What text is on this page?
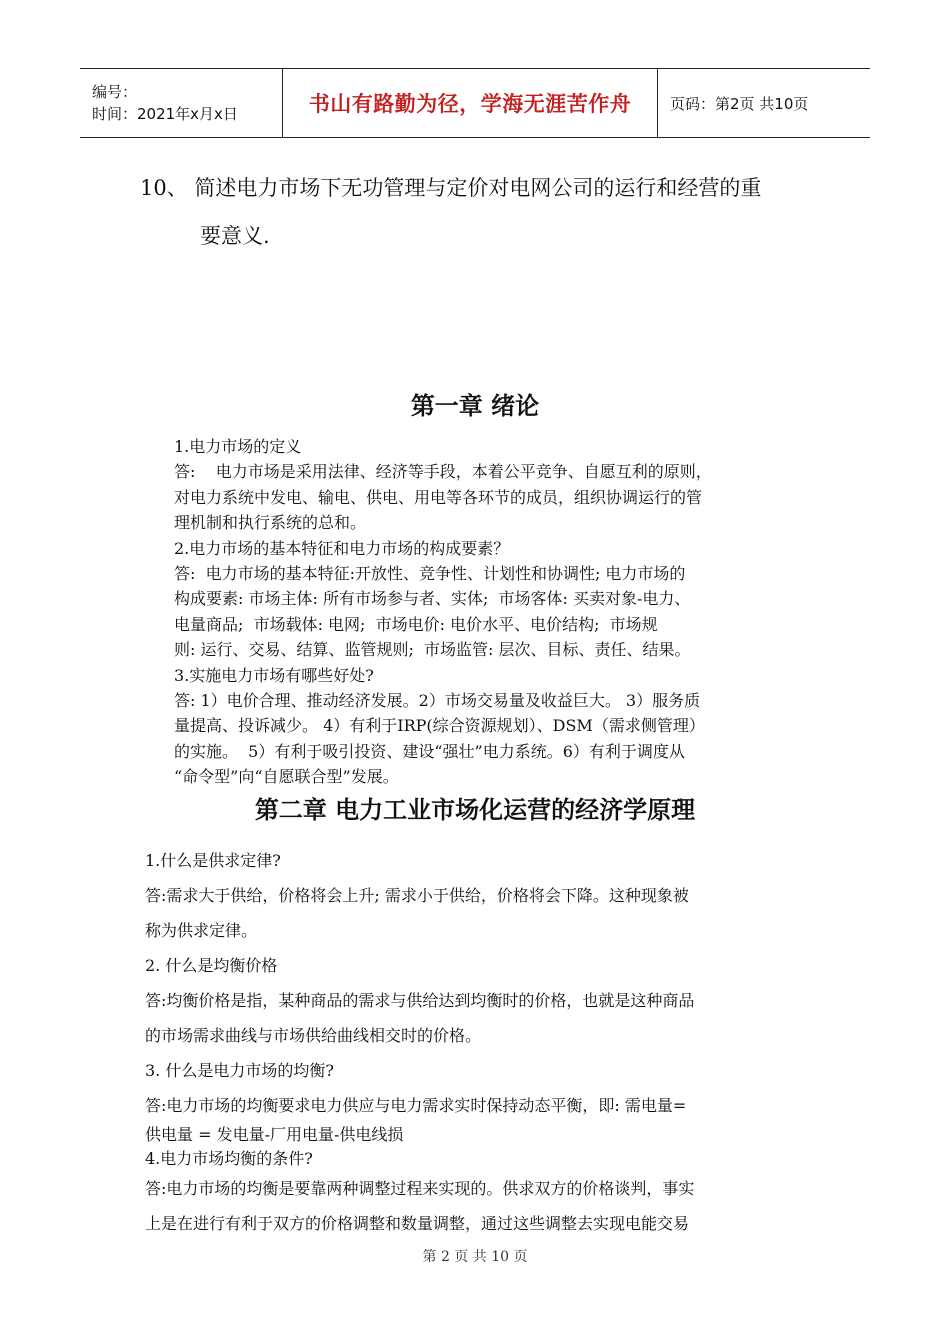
编号：
时间：2021年x月x日	书山有路勤为径，学海无涯苦作舟	页码：第2页 共10页
10、 简述电力市场下无功管理与定价对电网公司的运行和经营的重
要意义.
第一章 绪论

1.电力市场的定义

答:    电力市场是采用法律、经济等手段，本着公平竞争、自愿互利的原则，

对电力系统中发电、输电、供电、用电等各环节的成员，组织协调运行的管

理机制和执行系统的总和。

2.电力市场的基本特征和电力市场的构成要素？

答:  电力市场的基本特征:开放性、竞争性、计划性和协调性; 电力市场的

构成要素: 市场主体: 所有市场参与者、实体;  市场客体: 买卖对象-电力、

电量商品;  市场载体: 电网;  市场电价: 电价水平、电价结构;  市场规

则: 运行、交易、结算、监管规则;  市场监管: 层次、目标、责任、结果。

3.实施电力市场有哪些好处?

答: 1）电价合理、推动经济发展。2）市场交易量及收益巨大。 3）服务质

量提高、投诉减少。 4）有利于IRP(综合资源规划）、DSM（需求侧管理）

的实施。  5）有利于吸引投资、建设“强壮”电力系统。6）有利于调度从

“命令型”向“自愿联合型”发展。

第二章 电力工业市场化运营的经济学原理

1.什么是供求定律?

答:需求大于供给，价格将会上升; 需求小于供给，价格将会下降。这种现象被

称为供求定律。

2. 什么是均衡价格

答:均衡价格是指，某种商品的需求与供给达到均衡时的价格，也就是这种商品

的市场需求曲线与市场供给曲线相交时的价格。

3. 什么是电力市场的均衡?

答:电力市场的均衡要求电力供应与电力需求实时保持动态平衡，即: 需电量=

供电量 = 发电量-厂用电量-供电线损

4.电力市场均衡的条件?

答:电力市场的均衡是要靠两种调整过程来实现的。供求双方的价格谈判，事实

上是在进行有利于双方的价格调整和数量调整，通过这些调整去实现电能交易

第 2 页 共 10 页
